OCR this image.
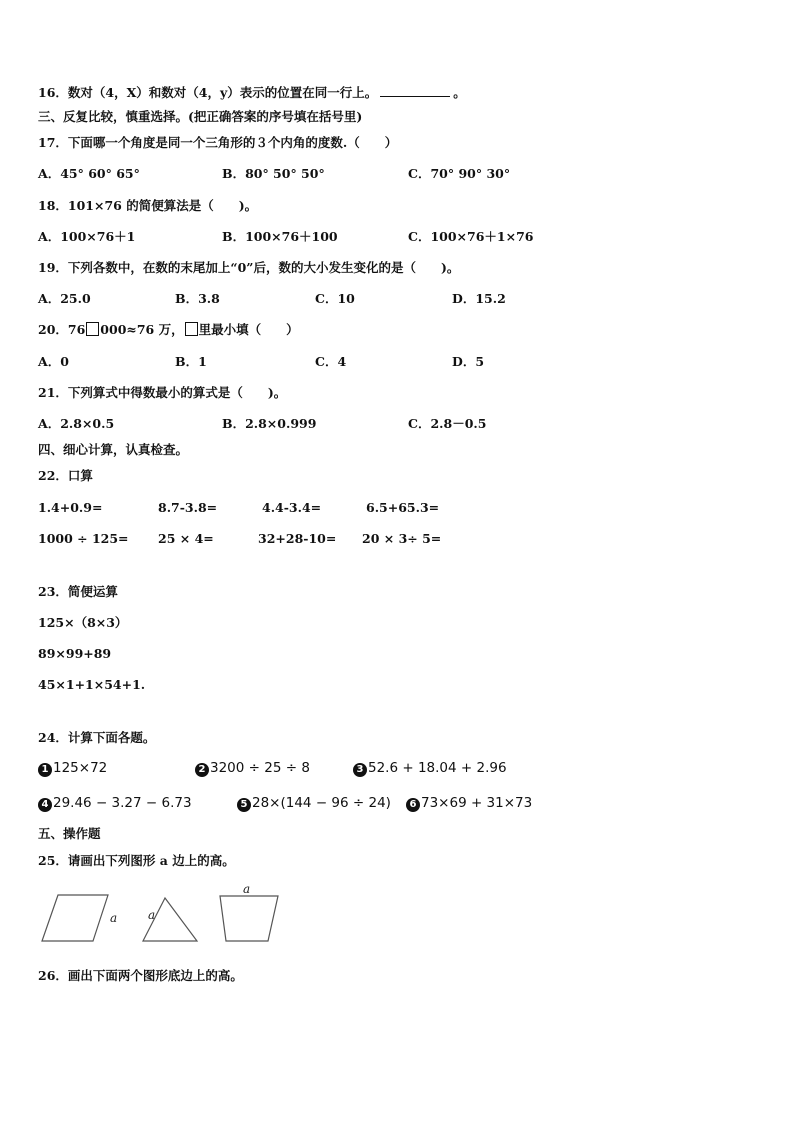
16．数对（4，X）和数对（4，y）表示的位置在同一行上。	。
三、反复比较，慎重选择。(把正确答案的序号填在括号里)
17．下面哪一个角度是同一个三角形的３个内角的度数.（　　）
A．45° 60° 65°	B．80° 50° 50°	C．70° 90° 30°
18．101×76 的简便算法是（　　)。
A．100×76＋1	B．100×76＋100	C．100×76＋1×76
19．下列各数中，在数的末尾加上“0”后，数的大小发生变化的是（　　)。
A．25.0	B．3.8	C．10	D．15.2
20．76 000≈76 万， 里最小填（　　）
A．0	B．1	C．4	D．5
21．下列算式中得数最小的算式是（　　)。
A．2.8×0.5	B．2.8×0.999	C．2.8－0.5
四、细心计算，认真检查。
22．口算
1.4+0.9=	8.7-3.8=	4.4-3.4=	6.5+65.3=
1000 ÷ 125= 25 × 4=	32+28-10= 20 × 3÷ 5=
23．简便运算
125×（8×3）
89×99+89
45×1+1×54+1.
24．计算下面各题。
1 125×72	2 3200 ÷ 25 ÷ 8	3 52.6 + 18.04 + 2.96
4 29.46 − 3.27 − 6.73	5 28×(144 − 96 ÷ 24)	6 73×69 + 31×73
五、操作题
25．请画出下列图形 a 边上的高。
a	a
a
26．画出下面两个图形底边上的高。
